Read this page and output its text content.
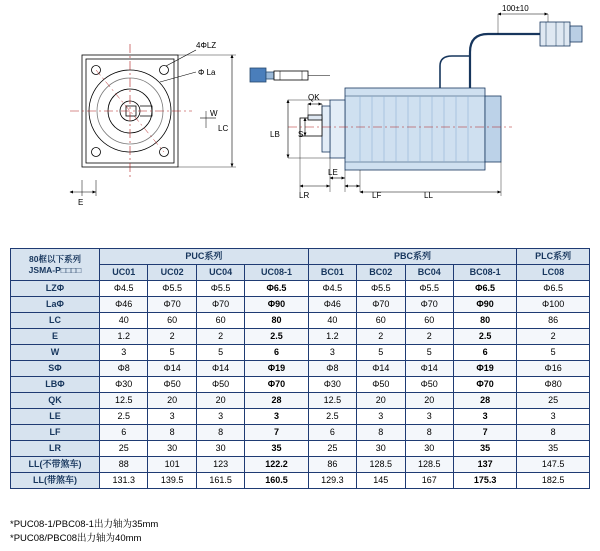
4ΦLZ
Φ La
LC
W
E
LB S
QK
LE
LR	LF	LL
100±10
80框以下系列
JSMA-P□□□□	PUC系列				PBC系列				PLC系列
	UC01	UC02	UC04	UC08-1	BC01	BC02	BC04	BC08-1	LC08
LZΦ	Φ4.5	Φ5.5	Φ5.5	Φ6.5	Φ4.5	Φ5.5	Φ5.5	Φ6.5	Φ6.5
LaΦ	Φ46	Φ70	Φ70	Φ90	Φ46	Φ70	Φ70	Φ90	Φ100
LC	40	60	60	80	40	60	60	80	86
E	1.2	2	2	2.5	1.2	2	2	2.5	2
W	3	5	5	6	3	5	5	6	5
SΦ	Φ8	Φ14	Φ14	Φ19	Φ8	Φ14	Φ14	Φ19	Φ16
LBΦ	Φ30	Φ50	Φ50	Φ70	Φ30	Φ50	Φ50	Φ70	Φ80
QK	12.5	20	20	28	12.5	20	20	28	25
LE	2.5	3	3	3	2.5	3	3	3	3
LF	6	8	8	7	6	8	8	7	8
LR	25	30	30	35	25	30	30	35	35
LL(不带煞车)	88	101	123	122.2	86	128.5	128.5	137	147.5
LL(带煞车)	131.3	139.5	161.5	160.5	129.3	145	167	175.3	182.5
*PUC08-1/PBC08-1出力轴为35mm
*PUC08/PBC08出力轴为40mm
